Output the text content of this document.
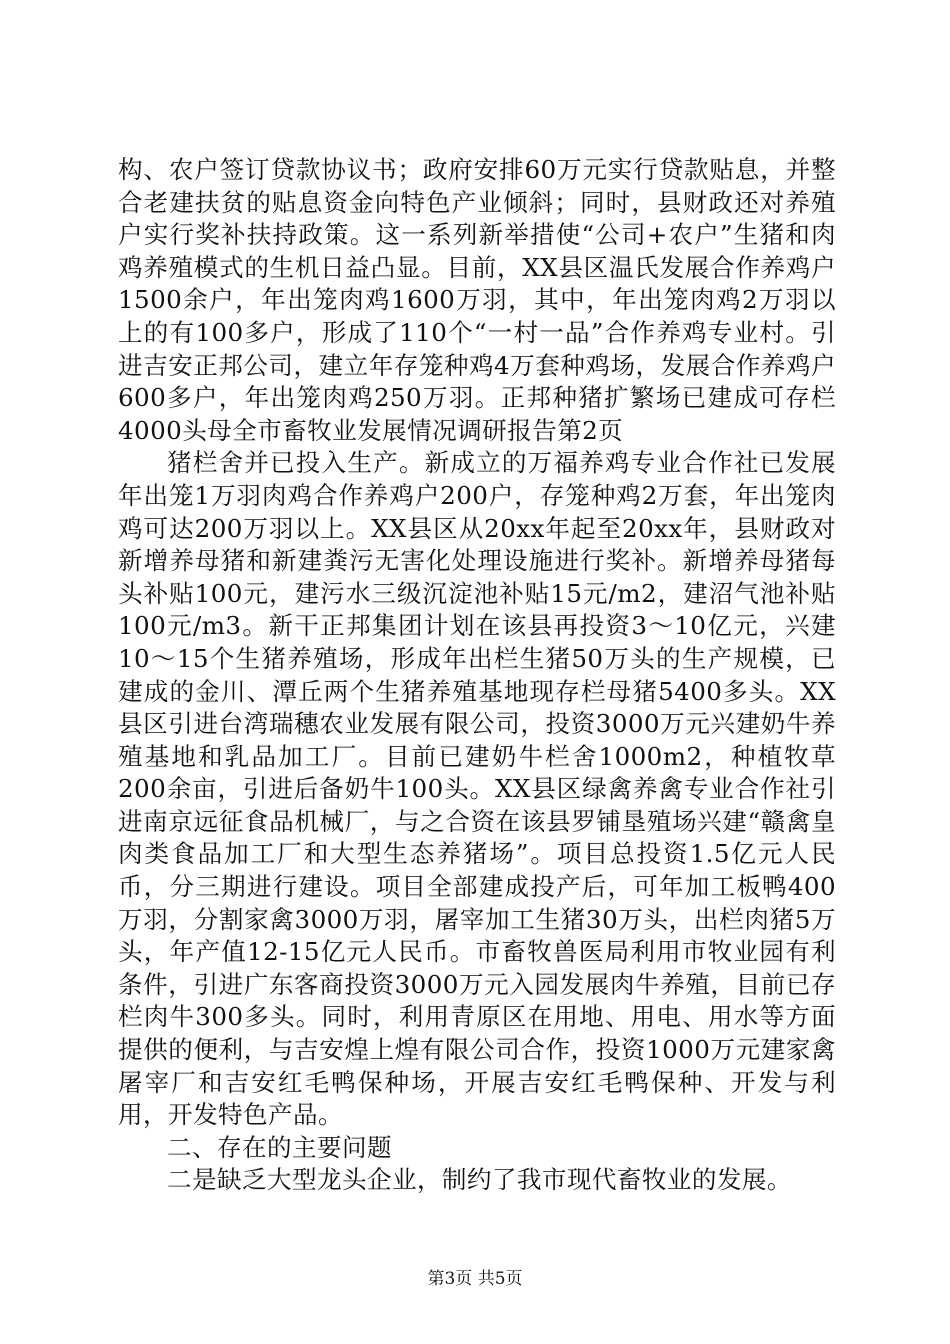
构、农户签订贷款协议书；政府安排60万元实行贷款贴息，并整合老建扶贫的贴息资金向特色产业倾斜；同时，县财政还对养殖户实行奖补扶持政策。这一系列新举措使“公司+农户”生猪和肉鸡养殖模式的生机日益凸显。目前，XX县区温氏发展合作养鸡户1500余户，年出笼肉鸡1600万羽，其中，年出笼肉鸡2万羽以上的有100多户，形成了110个“一村一品”合作养鸡专业村。引进吉安正邦公司，建立年存笼种鸡4万套种鸡场，发展合作养鸡户600多户，年出笼肉鸡250万羽。正邦种猪扩繁场已建成可存栏4000头母全市畜牧业发展情况调研报告第2页

猪栏舍并已投入生产。新成立的万福养鸡专业合作社已发展年出笼1万羽肉鸡合作养鸡户200户，存笼种鸡2万套，年出笼肉鸡可达200万羽以上。XX县区从20xx年起至20xx年，县财政对新增养母猪和新建粪污无害化处理设施进行奖补。新增养母猪每头补贴100元，建污水三级沉淀池补贴15元/m2，建沼气池补贴100元/m3。新干正邦集团计划在该县再投资3～10亿元，兴建10～15个生猪养殖场，形成年出栏生猪50万头的生产规模，已建成的金川、潭丘两个生猪养殖基地现存栏母猪5400多头。XX县区引进台湾瑞穗农业发展有限公司，投资3000万元兴建奶牛养殖基地和乳品加工厂。目前已建奶牛栏舍1000m2，种植牧草200余亩，引进后备奶牛100头。XX县区绿禽养禽专业合作社引进南京远征食品机械厂，与之合资在该县罗铺垦殖场兴建“赣禽皇肉类食品加工厂和大型生态养猪场”。项目总投资1.5亿元人民币，分三期进行建设。项目全部建成投产后，可年加工板鸭400万羽，分割家禽3000万羽，屠宰加工生猪30万头，出栏肉猪5万头，年产值12-15亿元人民币。市畜牧兽医局利用市牧业园有利条件，引进广东客商投资3000万元入园发展肉牛养殖，目前已存栏肉牛300多头。同时，利用青原区在用地、用电、用水等方面提供的便利，与吉安煌上煌有限公司合作，投资1000万元建家禽屠宰厂和吉安红毛鸭保种场，开展吉安红毛鸭保种、开发与利用，开发特色产品。

二、存在的主要问题

二是缺乏大型龙头企业，制约了我市现代畜牧业的发展。

第3页 共5页
